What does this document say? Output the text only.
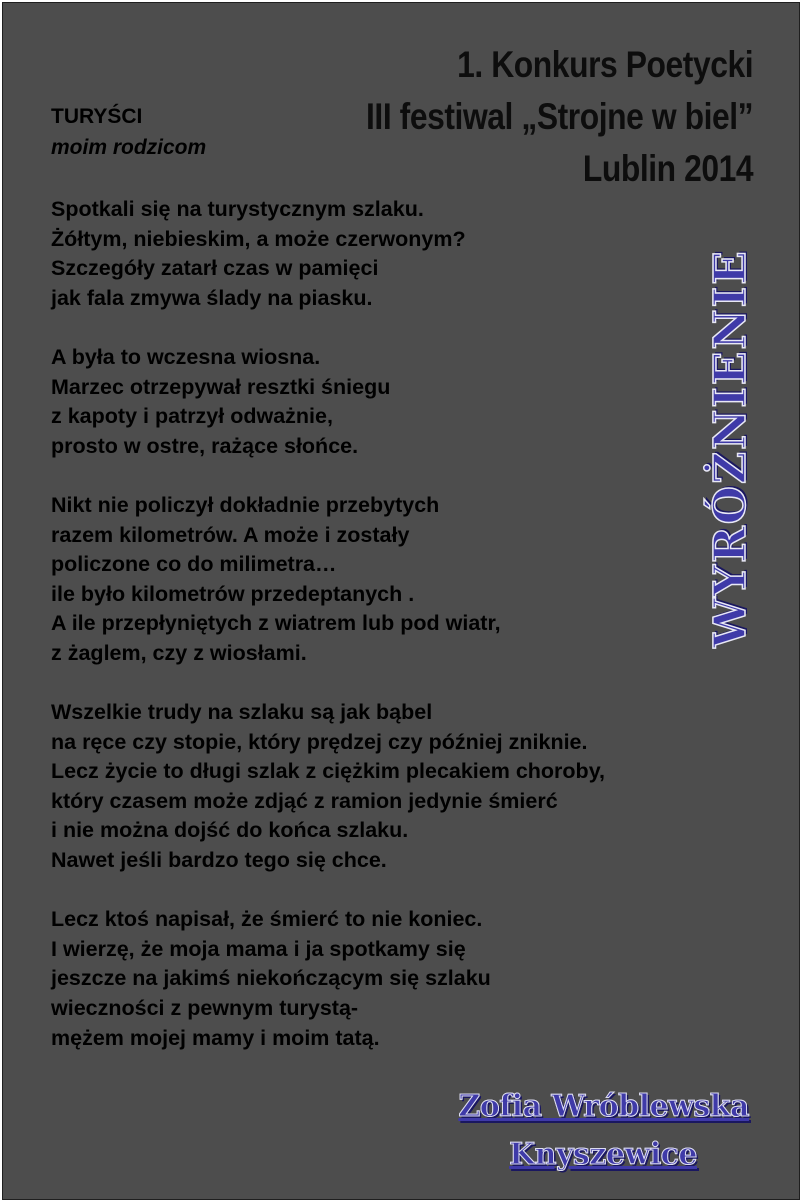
1. Konkurs Poetycki
III festiwal „Strojne w biel”
Lublin 2014
WYRÓŻNIENIE
TURYŚCI
moim rodzicom
Spotkali się na turystycznym szlaku.
Żółtym, niebieskim, a może czerwonym?
Szczegóły zatarł czas w pamięci
jak fala zmywa ślady na piasku.
A była to wczesna wiosna.
Marzec otrzepywał resztki śniegu
z kapoty i patrzył odważnie,
prosto w ostre, rażące słońce.
Nikt nie policzył dokładnie przebytych
razem kilometrów. A może i zostały
policzone co do milimetra…
ile było kilometrów przedeptanych .
A ile przepłyniętych z wiatrem lub pod wiatr,
z żaglem, czy z wiosłami.
Wszelkie trudy na szlaku są jak bąbel
na ręce czy stopie, który prędzej czy później zniknie.
Lecz życie to długi szlak z ciężkim plecakiem choroby,
który czasem może zdjąć z ramion jedynie śmierć
i nie można dojść do końca szlaku.
Nawet jeśli bardzo tego się chce.
Lecz ktoś napisał, że śmierć to nie koniec.
I wierzę, że moja mama i ja spotkamy się
jeszcze na jakimś niekończącym się szlaku
wieczności z pewnym turystą-
mężem mojej mamy i moim tatą.
Zofia Wróblewska
Knyszewice
